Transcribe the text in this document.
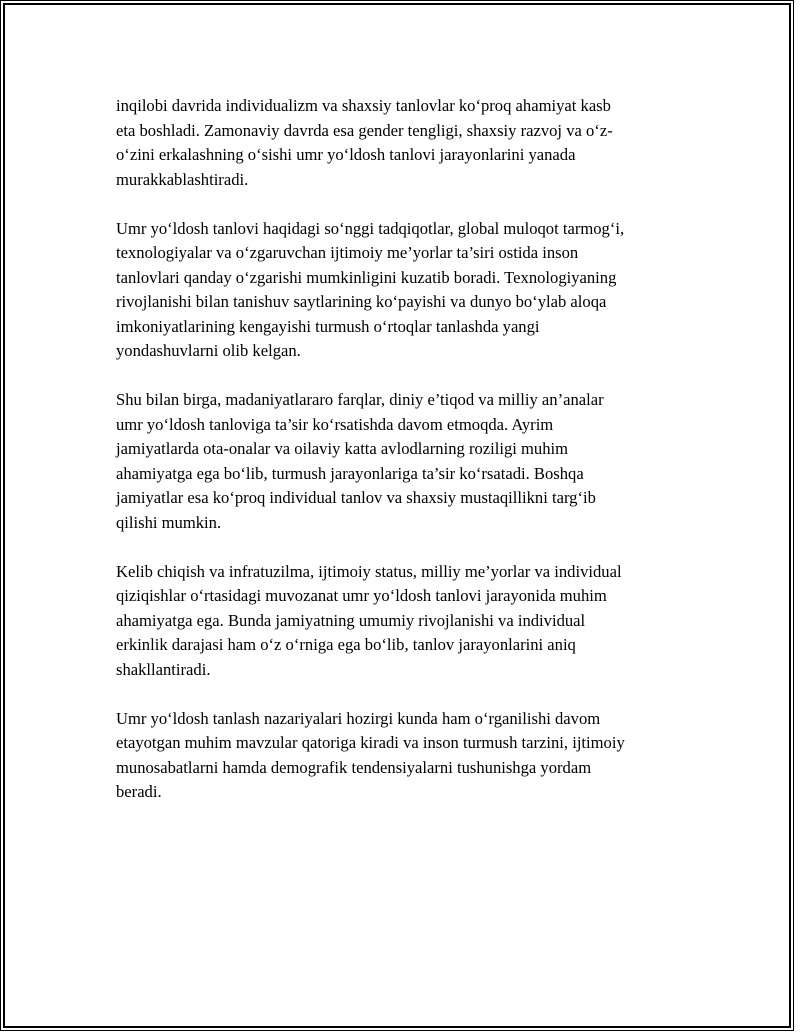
inqilobi davrida individualizm va shaxsiy tanlovlar ko‘proq ahamiyat kasb
eta boshladi. Zamonaviy davrda esa gender tengligi, shaxsiy razvoj va o‘z-
o‘zini erkalashning o‘sishi umr yo‘ldosh tanlovi jarayonlarini yanada
murakkablashtiradi.

Umr yo‘ldosh tanlovi haqidagi so‘nggi tadqiqotlar, global muloqot tarmog‘i,
texnologiyalar va o‘zgaruvchan ijtimoiy me’yorlar ta’siri ostida inson
tanlovlari qanday o‘zgarishi mumkinligini kuzatib boradi. Texnologiyaning
rivojlanishi bilan tanishuv saytlarining ko‘payishi va dunyo bo‘ylab aloqa
imkoniyatlarining kengayishi turmush o‘rtoqlar tanlashda yangi
yondashuvlarni olib kelgan.

Shu bilan birga, madaniyatlararo farqlar, diniy e’tiqod va milliy an’analar
umr yo‘ldosh tanloviga ta’sir ko‘rsatishda davom etmoqda. Ayrim
jamiyatlarda ota-onalar va oilaviy katta avlodlarning roziligi muhim
ahamiyatga ega bo‘lib, turmush jarayonlariga ta’sir ko‘rsatadi. Boshqa
jamiyatlar esa ko‘proq individual tanlov va shaxsiy mustaqillikni targ‘ib
qilishi mumkin.

Kelib chiqish va infratuzilma, ijtimoiy status, milliy me’yorlar va individual
qiziqishlar o‘rtasidagi muvozanat umr yo‘ldosh tanlovi jarayonida muhim
ahamiyatga ega. Bunda jamiyatning umumiy rivojlanishi va individual
erkinlik darajasi ham o‘z o‘rniga ega bo‘lib, tanlov jarayonlarini aniq
shakllantiradi.

Umr yo‘ldosh tanlash nazariyalari hozirgi kunda ham o‘rganilishi davom
etayotgan muhim mavzular qatoriga kiradi va inson turmush tarzini, ijtimoiy
munosabatlarni hamda demografik tendensiyalarni tushunishga yordam
beradi.
